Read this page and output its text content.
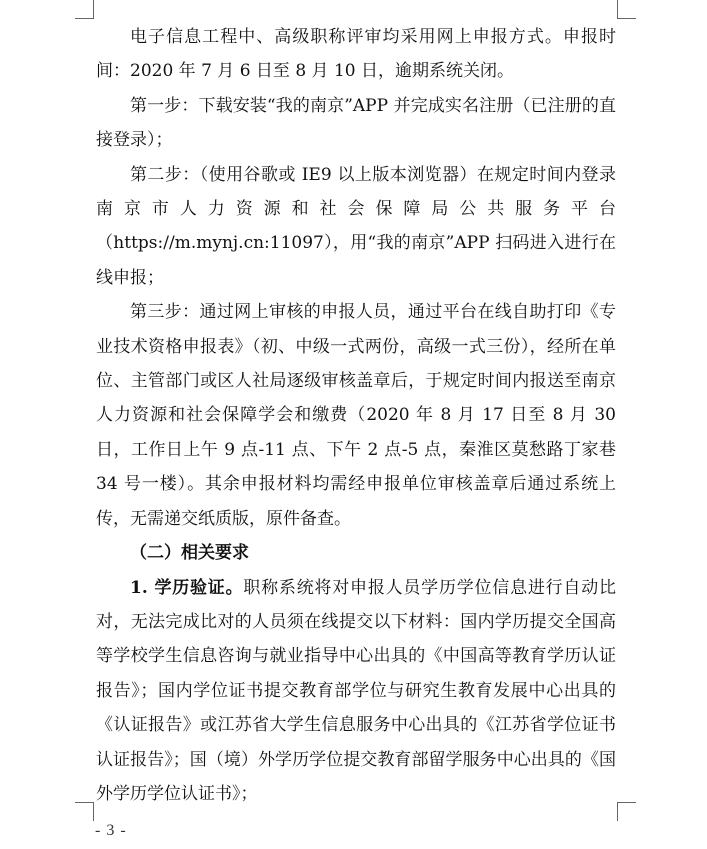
电子信息工程中、高级职称评审均采用网上申报方式。申报时间：2020 年 7 月 6 日至 8 月 10 日，逾期系统关闭。

第一步：下载安装“我的南京”APP 并完成实名注册（已注册的直接登录）；

第二步：（使用谷歌或 IE9 以上版本浏览器）在规定时间内登录南京市人力资源和社会保障局公共服务平台（https://m.mynj.cn:11097），用“我的南京”APP 扫码进入进行在线申报；

第三步：通过网上审核的申报人员，通过平台在线自助打印《专业技术资格申报表》（初、中级一式两份，高级一式三份），经所在单位、主管部门或区人社局逐级审核盖章后，于规定时间内报送至南京人力资源和社会保障学会和缴费（2020 年 8 月 17 日至 8 月 30 日，工作日上午 9 点-11 点、下午 2 点-5 点，秦淮区莫愁路丁家巷 34 号一楼）。其余申报材料均需经申报单位审核盖章后通过系统上传，无需递交纸质版，原件备查。

（二）相关要求

1. 学历验证。职称系统将对申报人员学历学位信息进行自动比对，无法完成比对的人员须在线提交以下材料：国内学历提交全国高等学校学生信息咨询与就业指导中心出具的《中国高等教育学历认证报告》；国内学位证书提交教育部学位与研究生教育发展中心出具的《认证报告》或江苏省大学生信息服务中心出具的《江苏省学位证书认证报告》；国（境）外学历学位提交教育部留学服务中心出具的《国外学历学位认证书》；

- 3 -
